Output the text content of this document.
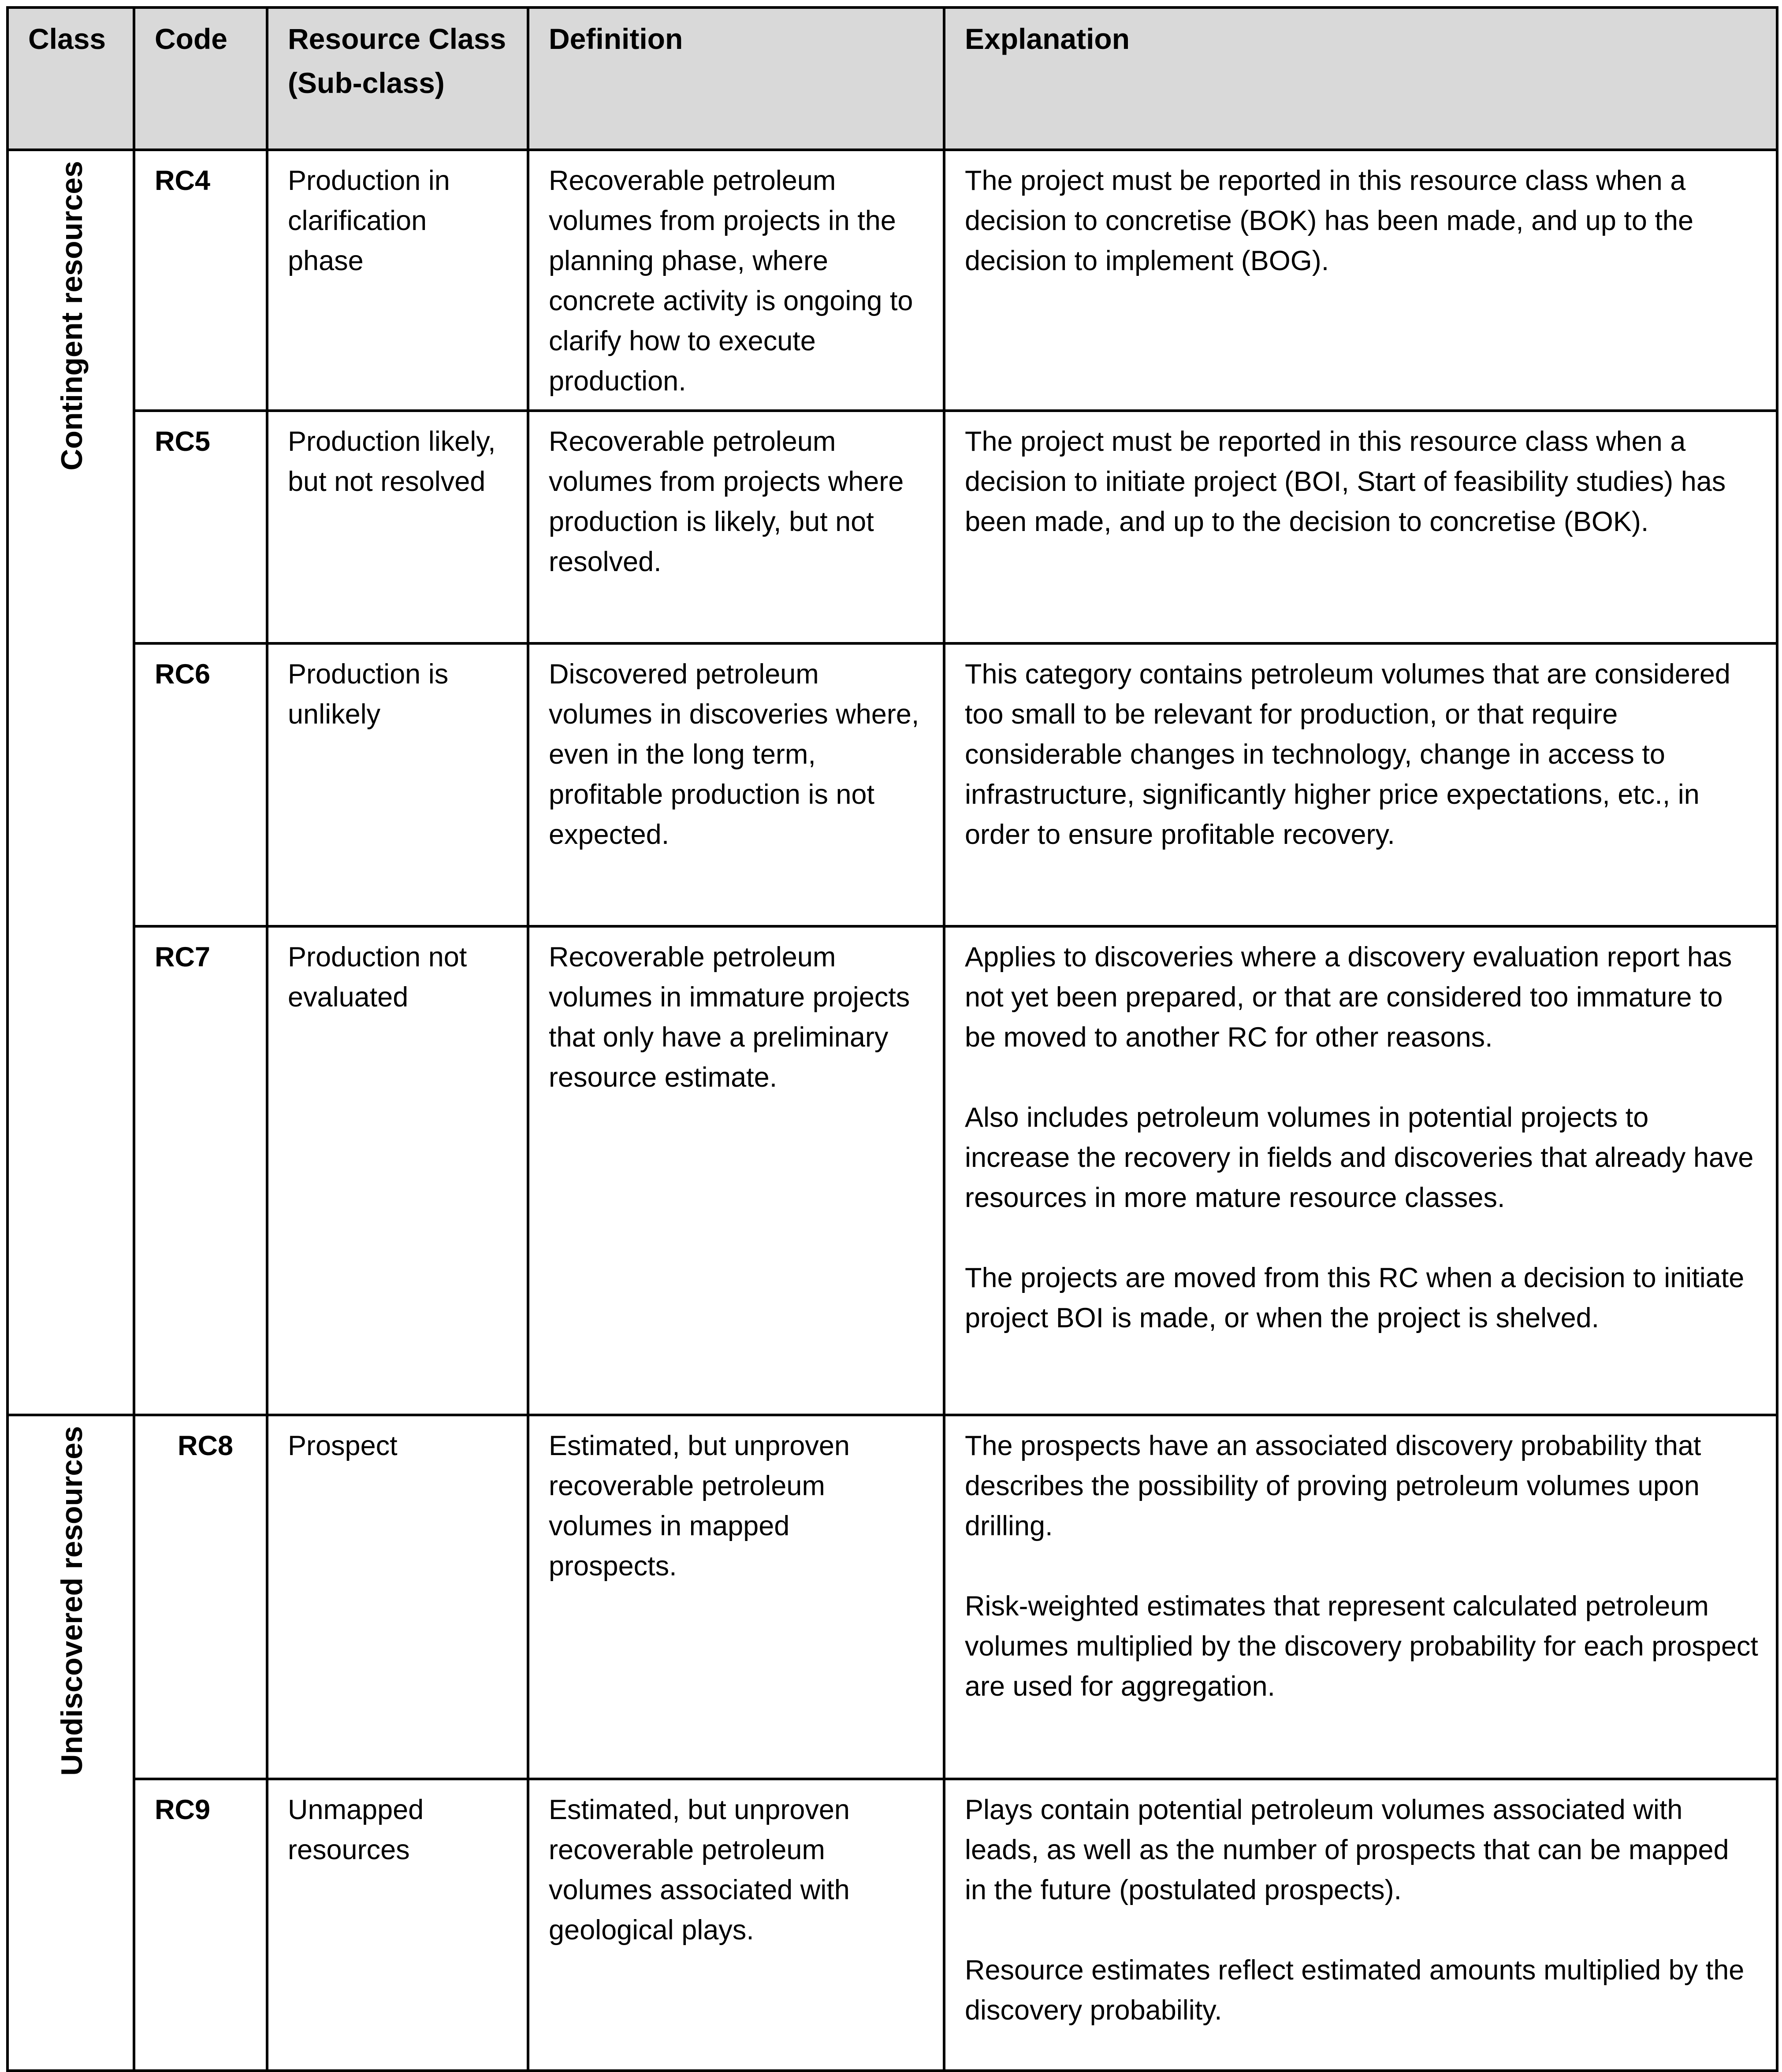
Class	Code	Resource Class (Sub-class)	Definition	Explanation

Contingent resources	RC4	Production in clarification phase	Recoverable petroleum volumes from projects in the planning phase, where concrete activity is ongoing to clarify how to execute production.	The project must be reported in this resource class when a decision to concretise (BOK) has been made, and up to the decision to implement (BOG).

	RC5	Production likely, but not resolved	Recoverable petroleum volumes from projects where production is likely, but not resolved.	The project must be reported in this resource class when a decision to initiate project (BOI, Start of feasibility studies) has been made, and up to the decision to concretise (BOK).

	RC6	Production is unlikely	Discovered petroleum volumes in discoveries where, even in the long term, profitable production is not expected.	This category contains petroleum volumes that are considered too small to be relevant for production, or that require considerable changes in technology, change in access to infrastructure, significantly higher price expectations, etc., in order to ensure profitable recovery.

	RC7	Production not evaluated	Recoverable petroleum volumes in immature projects that only have a preliminary resource estimate.	Applies to discoveries where a discovery evaluation report has not yet been prepared, or that are considered too immature to be moved to another RC for other reasons.
Also includes petroleum volumes in potential projects to increase the recovery in fields and discoveries that already have resources in more mature resource classes.
The projects are moved from this RC when a decision to initiate project BOI is made, or when the project is shelved.

Undiscovered resources	RC8	Prospect	Estimated, but unproven recoverable petroleum volumes in mapped prospects.	The prospects have an associated discovery probability that describes the possibility of proving petroleum volumes upon drilling.
Risk-weighted estimates that represent calculated petroleum volumes multiplied by the discovery probability for each prospect are used for aggregation.

	RC9	Unmapped resources	Estimated, but unproven recoverable petroleum volumes associated with geological plays.	Plays contain potential petroleum volumes associated with leads, as well as the number of prospects that can be mapped in the future (postulated prospects).
Resource estimates reflect estimated amounts multiplied by the discovery probability.
